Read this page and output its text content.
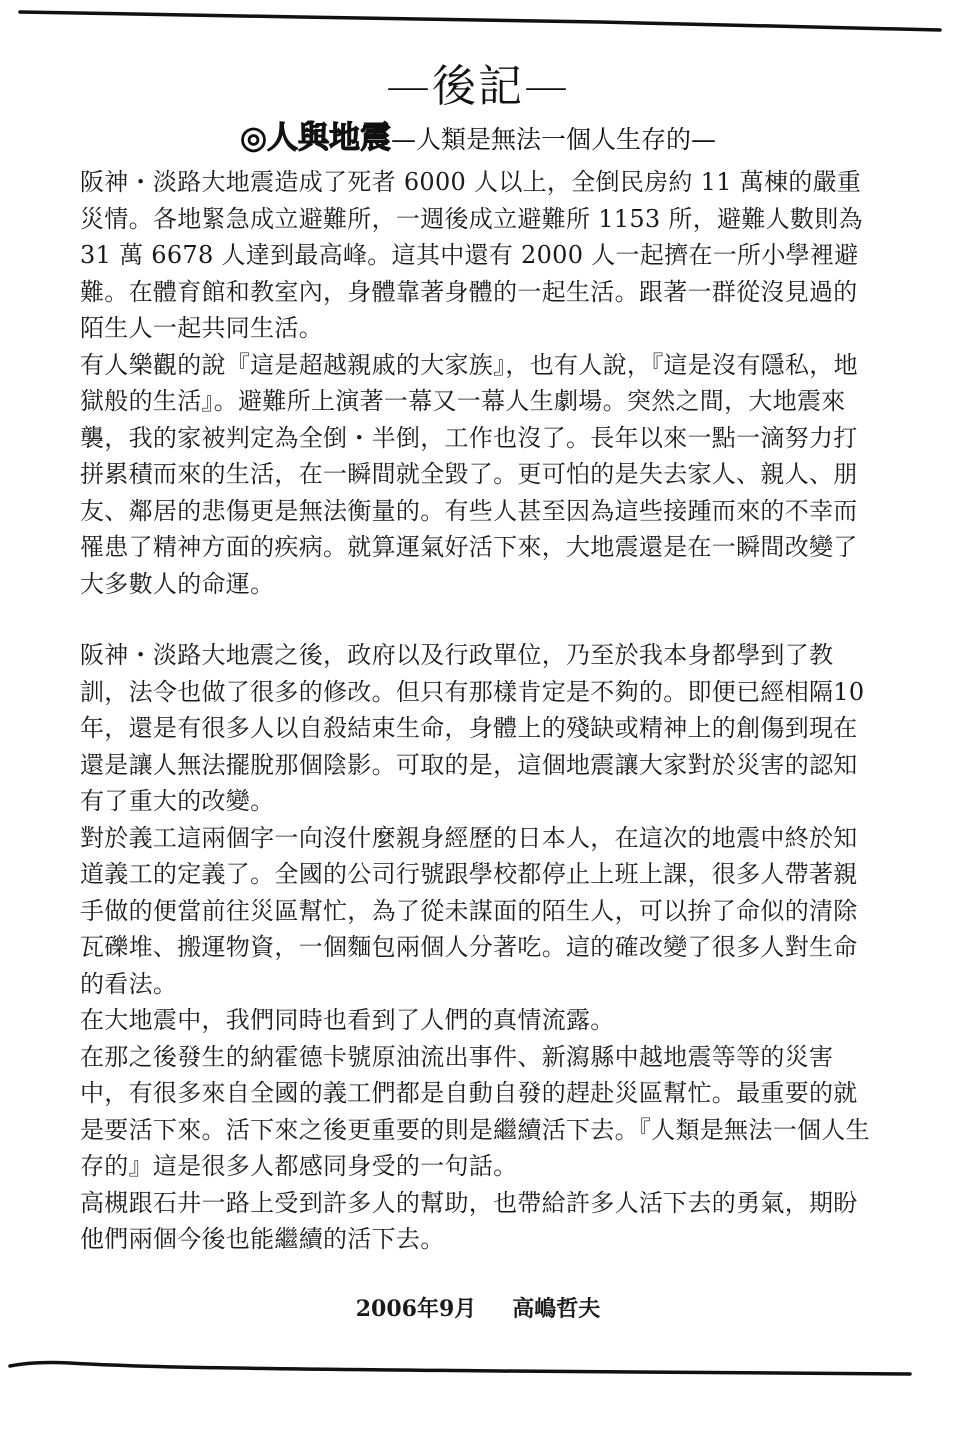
—後記—
◎人與地震—人類是無法一個人生存的—

阪神・淡路大地震造成了死者 6000 人以上，全倒民房約 11 萬棟的嚴重災情。各地緊急成立避難所，一週後成立避難所 1153 所，避難人數則為 31 萬 6678 人達到最高峰。這其中還有 2000 人一起擠在一所小學裡避難。在體育館和教室內，身體靠著身體的一起生活。跟著一群從沒見過的陌生人一起共同生活。

有人樂觀的說『這是超越親戚的大家族』，也有人說，『這是沒有隱私，地獄般的生活』。避難所上演著一幕又一幕人生劇場。突然之間，大地震來襲，我的家被判定為全倒・半倒，工作也沒了。長年以來一點一滴努力打拼累積而來的生活，在一瞬間就全毀了。更可怕的是失去家人、親人、朋友、鄰居的悲傷更是無法衡量的。有些人甚至因為這些接踵而來的不幸而罹患了精神方面的疾病。就算運氣好活下來，大地震還是在一瞬間改變了大多數人的命運。

阪神・淡路大地震之後，政府以及行政單位，乃至於我本身都學到了教訓，法令也做了很多的修改。但只有那樣肯定是不夠的。即便已經相隔10年，還是有很多人以自殺結束生命，身體上的殘缺或精神上的創傷到現在還是讓人無法擺脫那個陰影。可取的是，這個地震讓大家對於災害的認知有了重大的改變。

對於義工這兩個字一向沒什麼親身經歷的日本人，在這次的地震中終於知道義工的定義了。全國的公司行號跟學校都停止上班上課，很多人帶著親手做的便當前往災區幫忙，為了從未謀面的陌生人，可以拚了命似的清除瓦礫堆、搬運物資，一個麵包兩個人分著吃。這的確改變了很多人對生命的看法。

在大地震中，我們同時也看到了人們的真情流露。

在那之後發生的納霍德卡號原油流出事件、新瀉縣中越地震等等的災害中，有很多來自全國的義工們都是自動自發的趕赴災區幫忙。最重要的就是要活下來。活下來之後更重要的則是繼續活下去。『人類是無法一個人生存的』這是很多人都感同身受的一句話。

高槻跟石井一路上受到許多人的幫助，也帶給許多人活下去的勇氣，期盼他們兩個今後也能繼續的活下去。

2006年9月 高嶋哲夫
